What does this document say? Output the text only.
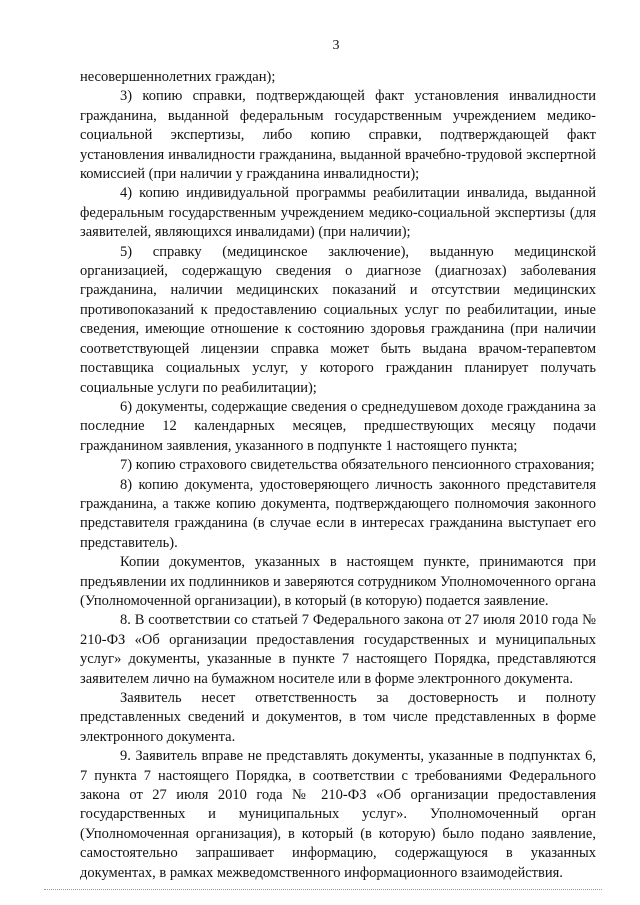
3

несовершеннолетних граждан);

3) копию справки, подтверждающей факт установления инвалидности гражданина, выданной федеральным государственным учреждением медико-социальной экспертизы, либо копию справки, подтверждающей факт установления инвалидности гражданина, выданной врачебно-трудовой экспертной комиссией (при наличии у гражданина инвалидности);

4) копию индивидуальной программы реабилитации инвалида, выданной федеральным государственным учреждением медико-социальной экспертизы (для заявителей, являющихся инвалидами) (при наличии);

5) справку (медицинское заключение), выданную медицинской организацией, содержащую сведения о диагнозе (диагнозах) заболевания гражданина, наличии медицинских показаний и отсутствии медицинских противопоказаний к предоставлению социальных услуг по реабилитации, иные сведения, имеющие отношение к состоянию здоровья гражданина (при наличии соответствующей лицензии справка может быть выдана врачом-терапевтом поставщика социальных услуг, у которого гражданин планирует получать социальные услуги по реабилитации);

6) документы, содержащие сведения о среднедушевом доходе гражданина за последние 12 календарных месяцев, предшествующих месяцу подачи гражданином заявления, указанного в подпункте 1 настоящего пункта;

7) копию страхового свидетельства обязательного пенсионного страхования;

8) копию документа, удостоверяющего личность законного представителя гражданина, а также копию документа, подтверждающего полномочия законного представителя гражданина (в случае если в интересах гражданина выступает его представитель).

Копии документов, указанных в настоящем пункте, принимаются при предъявлении их подлинников и заверяются сотрудником Уполномоченного органа (Уполномоченной организации), в который (в которую) подается заявление.

8. В соответствии со статьей 7 Федерального закона от 27 июля 2010 года № 210-ФЗ «Об организации предоставления государственных и муниципальных услуг» документы, указанные в пункте 7 настоящего Порядка, представляются заявителем лично на бумажном носителе или в форме электронного документа.

Заявитель несет ответственность за достоверность и полноту представленных сведений и документов, в том числе представленных в форме электронного документа.

9. Заявитель вправе не представлять документы, указанные в подпунктах 6, 7 пункта 7 настоящего Порядка, в соответствии с требованиями Федерального закона от 27 июля 2010 года № 210-ФЗ «Об организации предоставления государственных и муниципальных услуг». Уполномоченный орган (Уполномоченная организация), в который (в которую) было подано заявление, самостоятельно запрашивает информацию, содержащуюся в указанных документах, в рамках межведомственного информационного взаимодействия.
